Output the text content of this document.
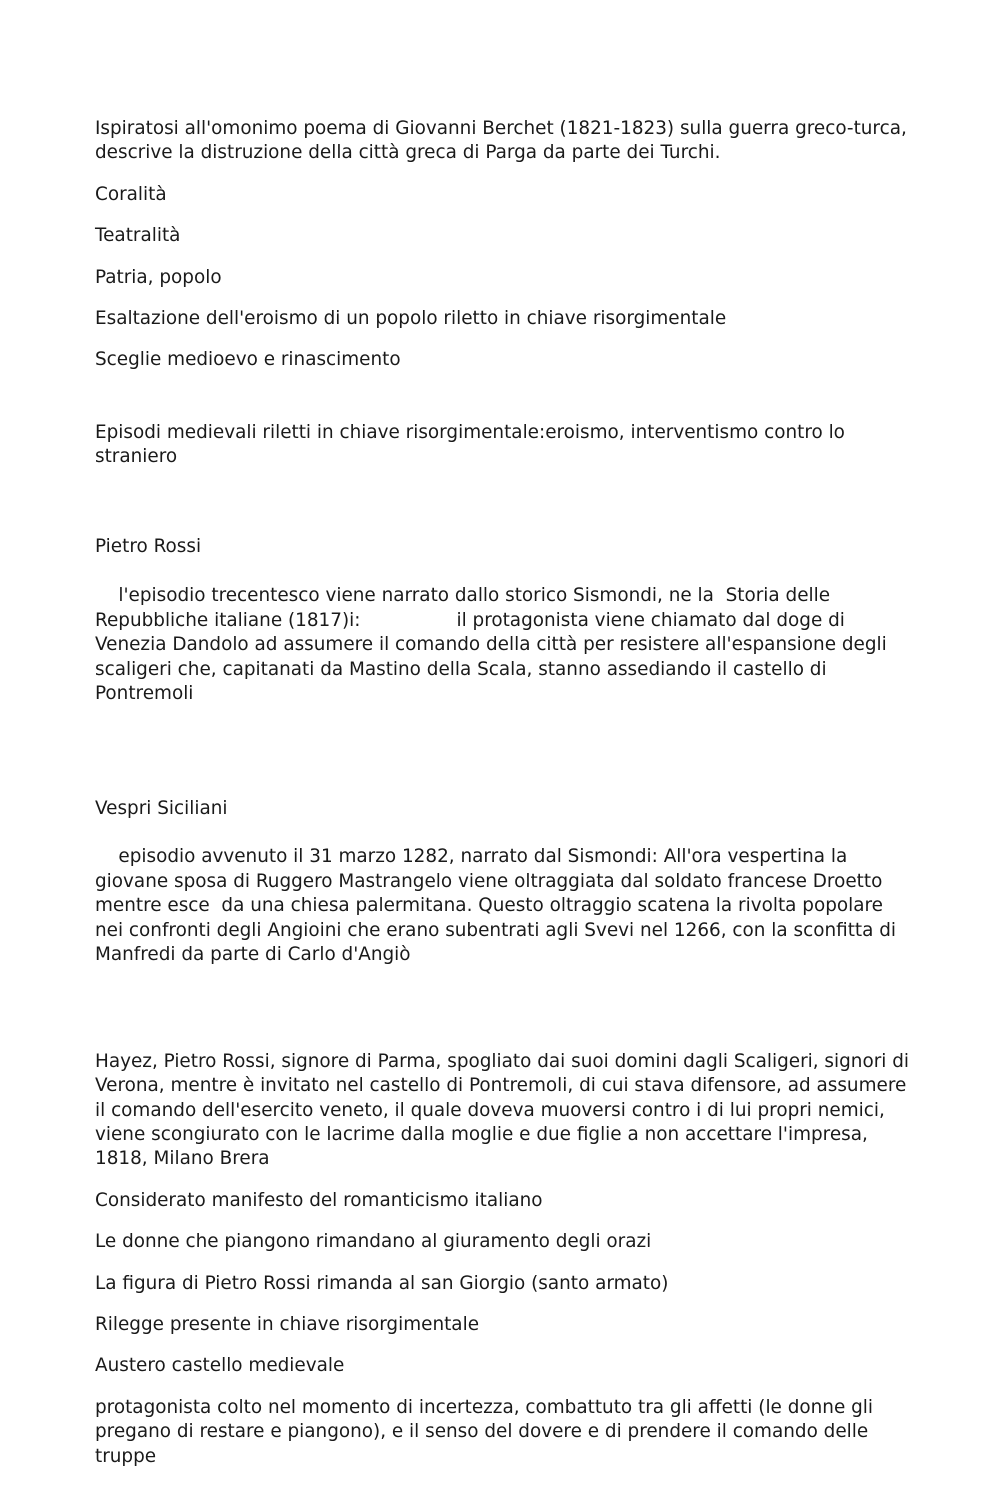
Ispiratosi all'omonimo poema di Giovanni Berchet (1821-1823) sulla guerra greco-turca, descrive la distruzione della città greca di Parga da parte dei Turchi.

Coralità

Teatralità

Patria, popolo

Esaltazione dell'eroismo di un popolo riletto in chiave risorgimentale

Sceglie medioevo e rinascimento

Episodi medievali riletti in chiave risorgimentale:eroismo, interventismo contro lo straniero

Pietro Rossi

l'episodio trecentesco viene narrato dallo storico Sismondi, ne la  Storia delle Repubbliche italiane (1817)i:	il protagonista viene chiamato dal doge di Venezia Dandolo ad assumere il comando della città per resistere all'espansione degli scaligeri che, capitanati da Mastino della Scala, stanno assediando il castello di Pontremoli

Vespri Siciliani

episodio avvenuto il 31 marzo 1282, narrato dal Sismondi: All'ora vespertina la giovane sposa di Ruggero Mastrangelo viene oltraggiata dal soldato francese Droetto mentre esce  da una chiesa palermitana. Questo oltraggio scatena la rivolta popolare nei confronti degli Angioini che erano subentrati agli Svevi nel 1266, con la sconfitta di Manfredi da parte di Carlo d'Angiò

Hayez, Pietro Rossi, signore di Parma, spogliato dai suoi domini dagli Scaligeri, signori di Verona, mentre è invitato nel castello di Pontremoli, di cui stava difensore, ad assumere il comando dell'esercito veneto, il quale doveva muoversi contro i di lui propri nemici, viene scongiurato con le lacrime dalla moglie e due figlie a non accettare l'impresa, 1818, Milano Brera

Considerato manifesto del romanticismo italiano

Le donne che piangono rimandano al giuramento degli orazi

La figura di Pietro Rossi rimanda al san Giorgio (santo armato)

Rilegge presente in chiave risorgimentale

Austero castello medievale

protagonista colto nel momento di incertezza, combattuto tra gli affetti (le donne gli pregano di restare e piangono), e il senso del dovere e di prendere il comando delle truppe
